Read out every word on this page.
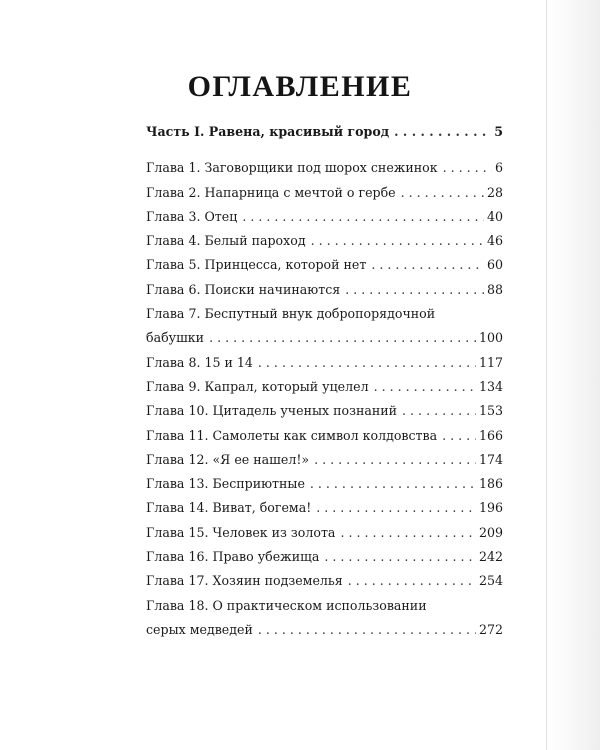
ОГЛАВЛЕНИЕ
Часть I. Равена, красивый город . . .	5
Глава 1. Заговорщики под шорох снежинок . . .	6
Глава 2. Напарница с мечтой о гербе . . .	28
Глава 3. Отец . . .	40
Глава 4. Белый пароход . . .	46
Глава 5. Принцесса, которой нет . . .	60
Глава 6. Поиски начинаются . . .	88
Глава 7. Беспутный внук добропорядочной
бабушки . . .	100
Глава 8. 15 и 14 . . .	117
Глава 9. Капрал, который уцелел . . .	134
Глава 10. Цитадель ученых познаний . . .	153
Глава 11. Самолеты как символ колдовства . . .	166
Глава 12. «Я ее нашел!» . . .	174
Глава 13. Бесприютные . . .	186
Глава 14. Виват, богема! . . .	196
Глава 15. Человек из золота . . .	209
Глава 16. Право убежища . . .	242
Глава 17. Хозяин подземелья . . .	254
Глава 18. О практическом использовании
серых медведей . . .	272
